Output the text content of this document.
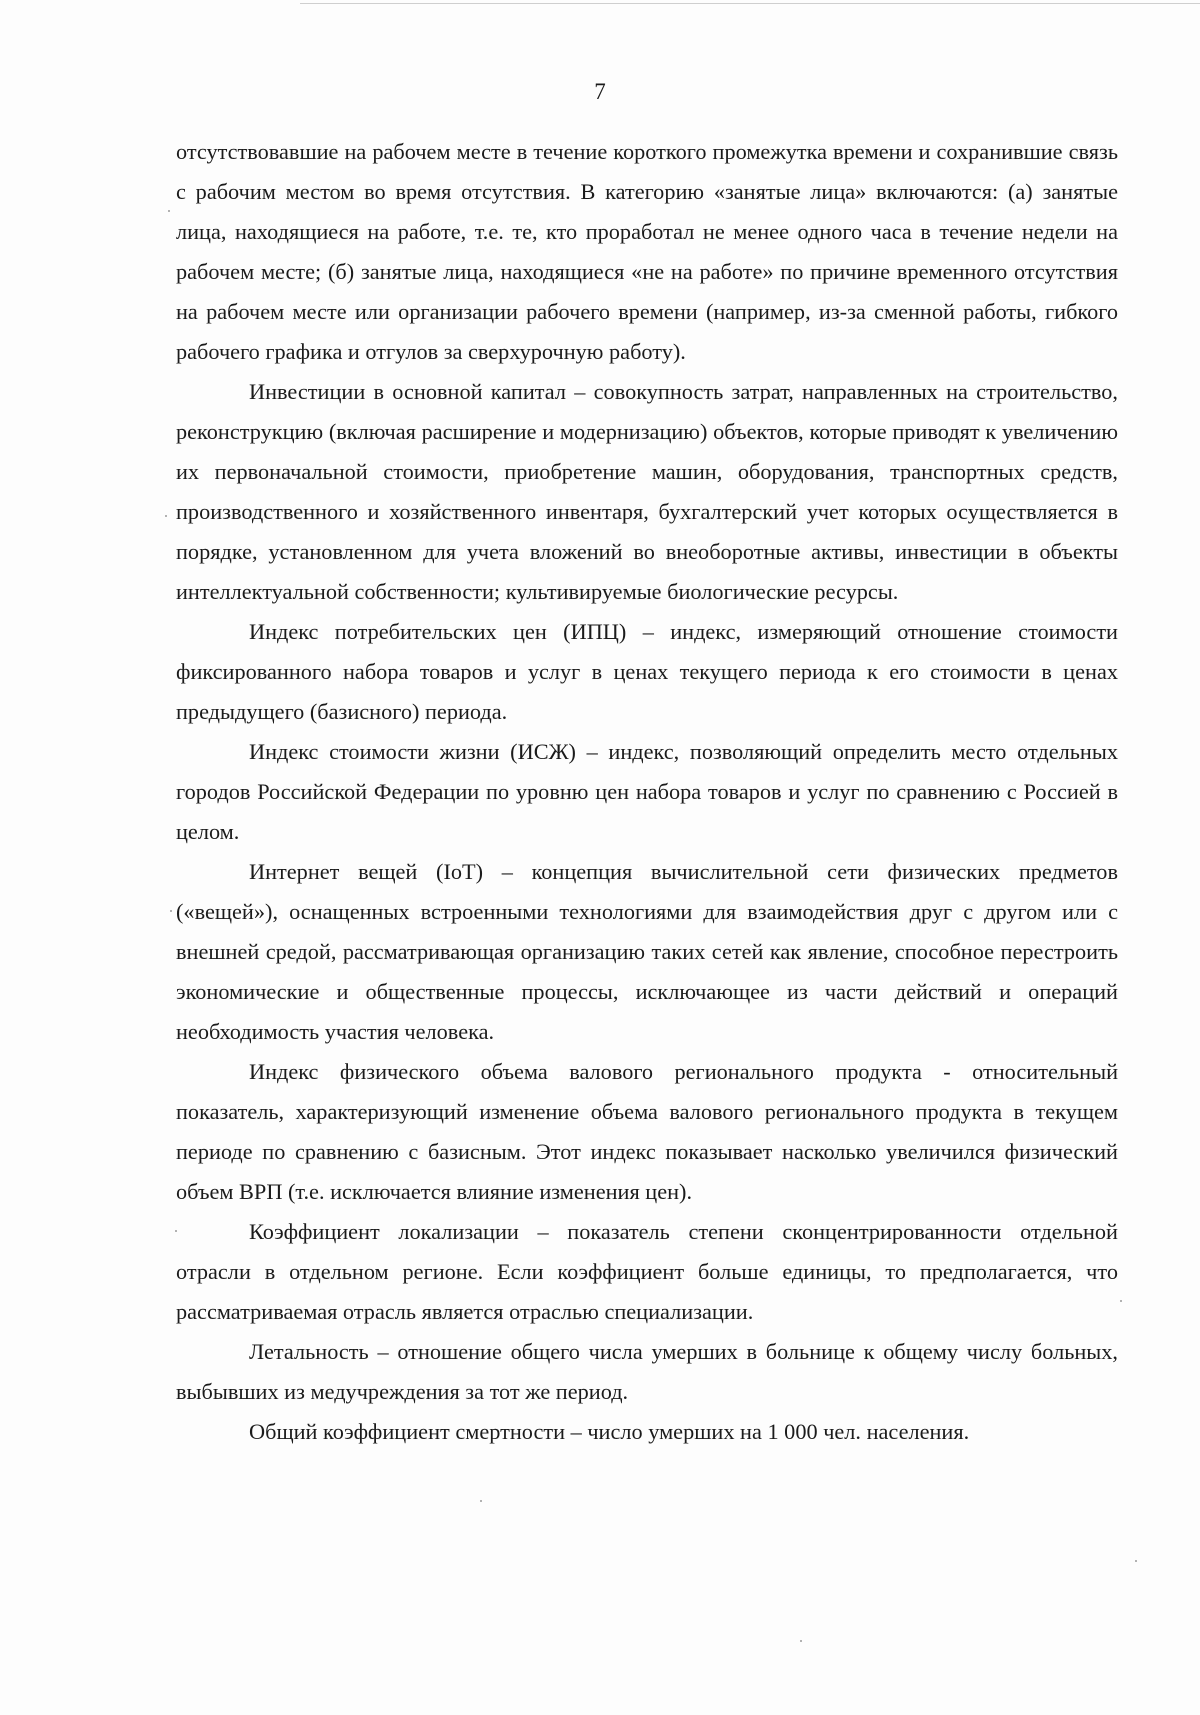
7

отсутствовавшие на рабочем месте в течение короткого промежутка времени и сохранившие связь с рабочим местом во время отсутствия. В категорию «занятые лица» включаются: (а) занятые лица, находящиеся на работе, т.е. те, кто проработал не менее одного часа в течение недели на рабочем месте; (б) занятые лица, находящиеся «не на работе» по причине временного отсутствия на рабочем месте или организации рабочего времени (например, из-за сменной работы, гибкого рабочего графика и отгулов за сверхурочную работу).

Инвестиции в основной капитал – совокупность затрат, направленных на строительство, реконструкцию (включая расширение и модернизацию) объектов, которые приводят к увеличению их первоначальной стоимости, приобретение машин, оборудования, транспортных средств, производственного и хозяйственного инвентаря, бухгалтерский учет которых осуществляется в порядке, установленном для учета вложений во внеоборотные активы, инвестиции в объекты интеллектуальной собственности; культивируемые биологические ресурсы.

Индекс потребительских цен (ИПЦ) – индекс, измеряющий отношение стоимости фиксированного набора товаров и услуг в ценах текущего периода к его стоимости в ценах предыдущего (базисного) периода.

Индекс стоимости жизни (ИСЖ) – индекс, позволяющий определить место отдельных городов Российской Федерации по уровню цен набора товаров и услуг по сравнению с Россией в целом.

Интернет вещей (IoT) – концепция вычислительной сети физических предметов («вещей»), оснащенных встроенными технологиями для взаимодействия друг с другом или с внешней средой, рассматривающая организацию таких сетей как явление, способное перестроить экономические и общественные процессы, исключающее из части действий и операций необходимость участия человека.

Индекс физического объема валового регионального продукта - относительный показатель, характеризующий изменение объема валового регионального продукта в текущем периоде по сравнению с базисным. Этот индекс показывает насколько увеличился физический объем ВРП (т.е. исключается влияние изменения цен).

Коэффициент локализации – показатель степени сконцентрированности отдельной отрасли в отдельном регионе. Если коэффициент больше единицы, то предполагается, что рассматриваемая отрасль является отраслью специализации.

Летальность – отношение общего числа умерших в больнице к общему числу больных, выбывших из медучреждения за тот же период.

Общий коэффициент смертности – число умерших на 1 000 чел. населения.
